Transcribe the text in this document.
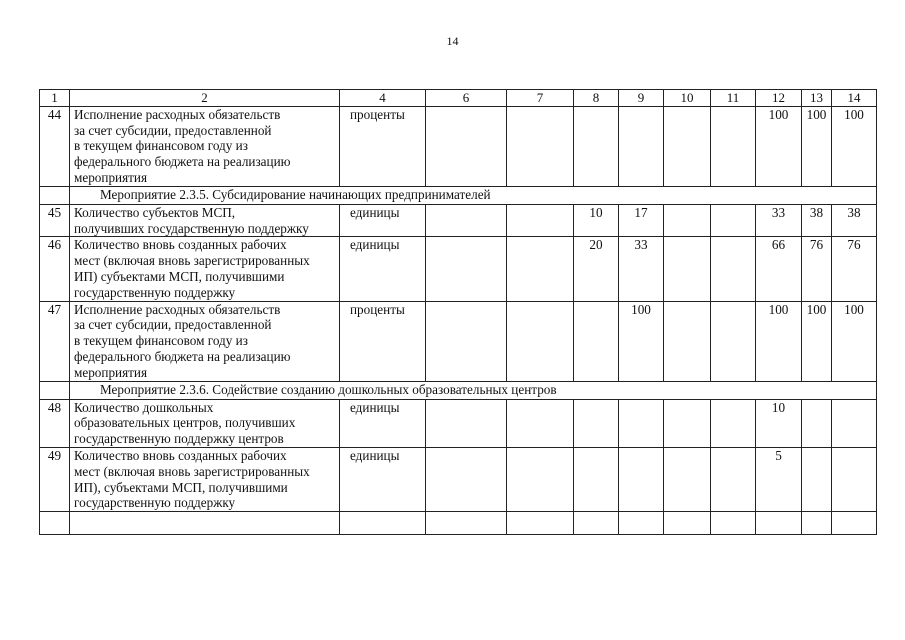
14
1	2	4	6	7	8	9	10	11	12	13	14
44	Исполнение расходных обязательств
за счет субсидии, предоставленной
в текущем финансовом году из
федерального бюджета на реализацию
мероприятия	проценты							100	100	100
	Мероприятие 2.3.5. Субсидирование начинающих предпринимателей										
45	Количество субъектов МСП,
получивших государственную поддержку	единицы			10	17			33	38	38
46	Количество вновь созданных рабочих
мест (включая вновь зарегистрированных
ИП) субъектами МСП, получившими
государственную поддержку	единицы			20	33			66	76	76
47	Исполнение расходных обязательств
за счет субсидии, предоставленной
в текущем финансовом году из
федерального бюджета на реализацию
мероприятия	проценты				100			100	100	100
	Мероприятие 2.3.6. Содействие созданию дошкольных образовательных центров										
48	Количество дошкольных
образовательных центров, получивших
государственную поддержку центров	единицы							10		
49	Количество вновь созданных рабочих
мест (включая вновь зарегистрированных
ИП), субъектами МСП, получившими
государственную поддержку	единицы							5		
